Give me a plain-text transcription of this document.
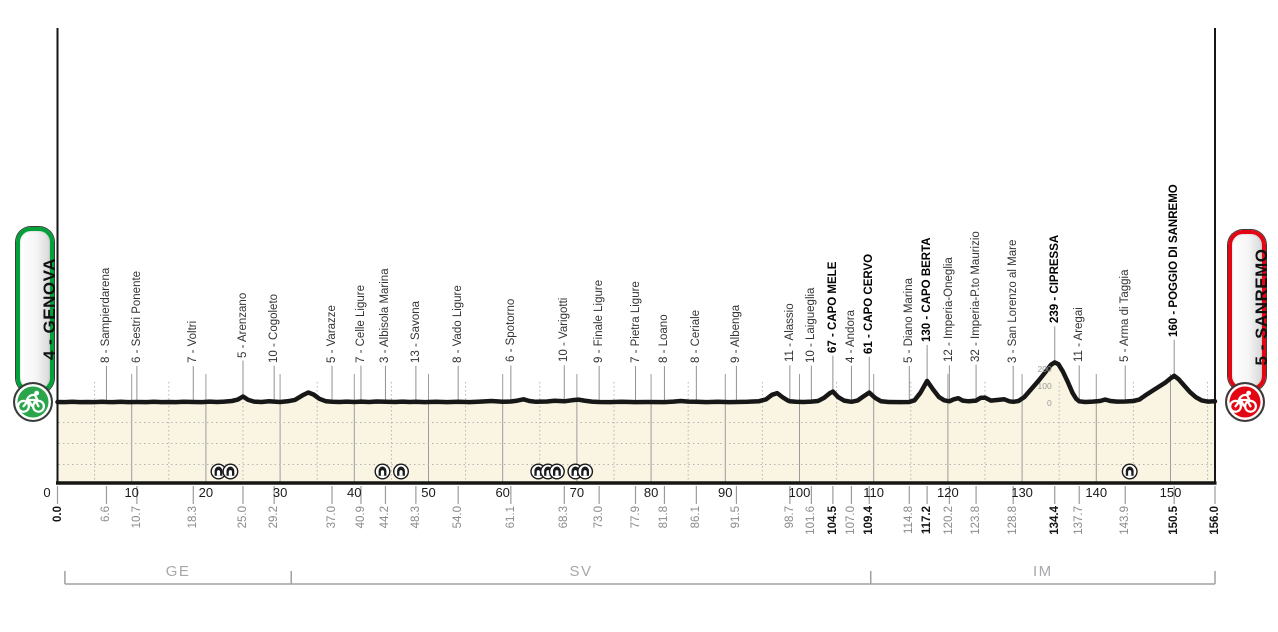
8 - Sampierdarena 6 - Sestri Ponente	7 - Voltri	5 - Arenzano 10 - Cogoleto	5 - Varazze 7 - Celle Ligure 3 - Albisola Marina 13 - Savona	8 - Vado Ligure	6 - Spotorno	10 - Varigotti 9 - Finale Ligure 7 - Pietra Ligure 8 - Loano 8 - Ceriale 9 - Albenga	11 - Alassio 10 - Laigueglia 67 - CAPO MELE 4 - Andora 61 - CAPO CERVO 5 - Diano Marina 130 - CAPO BERTA 12 - Imperia-Oneglia 32 - Imperia-P.to Maurizio 3 - San Lorenzo al Mare	239 - CIPRESSA
11 - Aregai	5 - Arma di Taggia	160 - POGGIO DI SANREMO
0	10	20	30	40	50	60	70	80	90	100	110	120	130	140	150
0.0	6.6 10.7	18.3	25.0 29.2	37.0 40.9 44.2 48.3	54.0	61.1	68.3 73.0 77.9 81.8 86.1 91.5	98.7 101.6 104.5 107.0 109.4 114.8 117.2 120.2 123.8 128.8	134.4 137.7	143.9	150.5	156.0
200
100
0
GE	SV	IM
4 - GENOVA	5 - SANREMO
